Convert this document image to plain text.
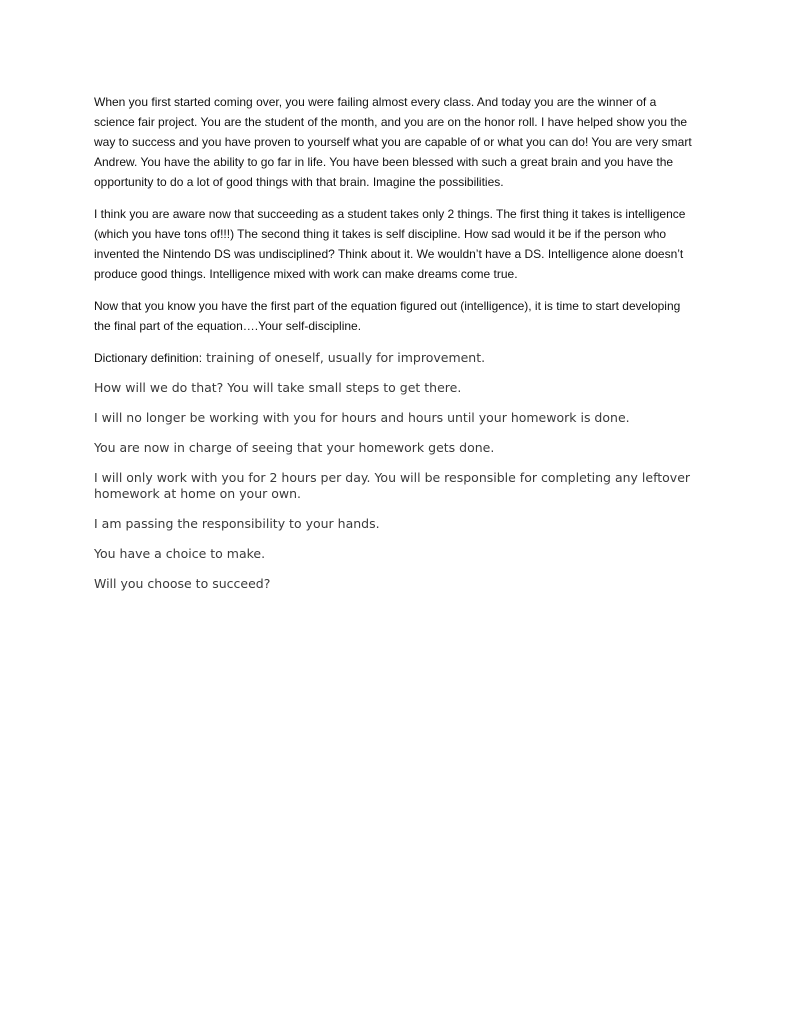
When you first started coming over, you were failing almost every class. And today you are the winner of a science fair project. You are the student of the month, and you are on the honor roll. I have helped show you the way to success and you have proven to yourself what you are capable of or what you can do! You are very smart Andrew. You have the ability to go far in life. You have been blessed with such a great brain and you have the opportunity to do a lot of good things with that brain. Imagine the possibilities.

I think you are aware now that succeeding as a student takes only 2 things. The first thing it takes is intelligence (which you have tons of!!!) The second thing it takes is self discipline. How sad would it be if the person who invented the Nintendo DS was undisciplined? Think about it. We wouldn’t have a DS. Intelligence alone doesn’t produce good things. Intelligence mixed with work can make dreams come true.

Now that you know you have the first part of the equation figured out (intelligence), it is time to start developing the final part of the equation….Your self-discipline.

Dictionary definition: training of oneself, usually for improvement.

How will we do that? You will take small steps to get there.

I will no longer be working with you for hours and hours until your homework is done.

You are now in charge of seeing that your homework gets done.

I will only work with you for 2 hours per day. You will be responsible for completing any leftover homework at home on your own.

I am passing the responsibility to your hands.

You have a choice to make.

Will you choose to succeed?
